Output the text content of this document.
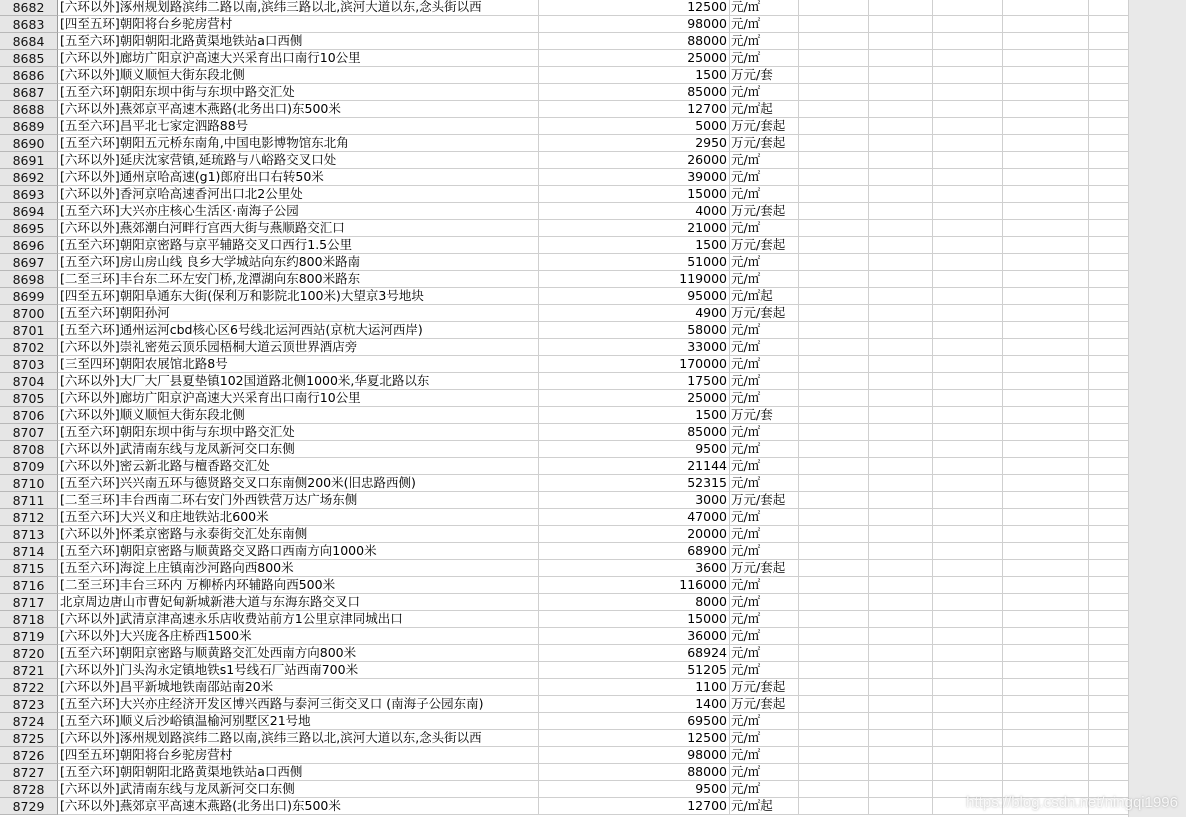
8682	[六环以外]涿州规划路滨纬二路以南,滨纬三路以北,滨河大道以东,念头街以西	12500 元/㎡
8683	[四至五环]朝阳将台乡驼房营村	98000 元/㎡
8684	[五至六环]朝阳朝阳北路黄渠地铁站a口西侧	88000 元/㎡
8685	[六环以外]廊坊广阳京沪高速大兴采育出口南行10公里	25000 元/㎡
8686	[六环以外]顺义顺恒大街东段北侧	1500 万元/套
8687	[五至六环]朝阳东坝中街与东坝中路交汇处	85000 元/㎡
8688	[六环以外]燕郊京平高速木燕路(北务出口)东500米	12700 元/㎡起
8689	[五至六环]昌平北七家定泗路88号	5000 万元/套起
8690	[五至六环]朝阳五元桥东南角,中国电影博物馆东北角	2950 万元/套起
8691	[六环以外]延庆沈家营镇,延琉路与八峪路交叉口处	26000 元/㎡
8692	[六环以外]通州京哈高速(g1)郎府出口右转50米	39000 元/㎡
8693	[六环以外]香河京哈高速香河出口北2公里处	15000 元/㎡
8694	[五至六环]大兴亦庄核心生活区·南海子公园	4000 万元/套起
8695	[六环以外]燕郊潮白河畔行宫西大街与燕顺路交汇口	21000 元/㎡
8696	[五至六环]朝阳京密路与京平辅路交叉口西行1.5公里	1500 万元/套起
8697	[五至六环]房山房山线 良乡大学城站向东约800米路南	51000 元/㎡
8698	[二至三环]丰台东二环左安门桥,龙潭湖向东800米路东	119000 元/㎡
8699	[四至五环]朝阳阜通东大街(保利万和影院北100米)大望京3号地块	95000 元/㎡起
8700	[五至六环]朝阳孙河	4900 万元/套起
8701	[五至六环]通州运河cbd核心区6号线北运河西站(京杭大运河西岸)	58000 元/㎡
8702	[六环以外]崇礼密苑云顶乐园梧桐大道云顶世界酒店旁	33000 元/㎡
8703	[三至四环]朝阳农展馆北路8号	170000 元/㎡
8704	[六环以外]大厂大厂县夏垫镇102国道路北侧1000米,华夏北路以东	17500 元/㎡
8705	[六环以外]廊坊广阳京沪高速大兴采育出口南行10公里	25000 元/㎡
8706	[六环以外]顺义顺恒大街东段北侧	1500 万元/套
8707	[五至六环]朝阳东坝中街与东坝中路交汇处	85000 元/㎡
8708	[六环以外]武清南东线与龙凤新河交口东侧	9500 元/㎡
8709	[六环以外]密云新北路与檀香路交汇处	21144 元/㎡
8710	[五至六环]兴兴南五环与德贤路交叉口东南侧200米(旧忠路西侧)	52315 元/㎡
8711	[二至三环]丰台西南二环右安门外西铁营万达广场东侧	3000 万元/套起
8712	[五至六环]大兴义和庄地铁站北600米	47000 元/㎡
8713	[六环以外]怀柔京密路与永泰街交汇处东南侧	20000 元/㎡
8714	[五至六环]朝阳京密路与顺黄路交叉路口西南方向1000米	68900 元/㎡
8715	[五至六环]海淀上庄镇南沙河路向西800米	3600 万元/套起
8716	[二至三环]丰台三环内 万柳桥内环辅路向西500米	116000 元/㎡
8717	北京周边唐山市曹妃甸新城新港大道与东海东路交叉口	8000 元/㎡
8718	[六环以外]武清京津高速永乐店收费站前方1公里京津同城出口	15000 元/㎡
8719	[六环以外]大兴庞各庄桥西1500米	36000 元/㎡
8720	[五至六环]朝阳京密路与顺黄路交汇处西南方向800米	68924 元/㎡
8721	[六环以外]门头沟永定镇地铁s1号线石厂站西南700米	51205 元/㎡
8722	[六环以外]昌平新城地铁南邵站南20米	1100 万元/套起
8723	[五至六环]大兴亦庄经济开发区博兴西路与泰河三街交叉口 (南海子公园东南)	1400 万元/套起
8724	[五至六环]顺义后沙峪镇温榆河别墅区21号地	69500 元/㎡
8725	[六环以外]涿州规划路滨纬二路以南,滨纬三路以北,滨河大道以东,念头街以西	12500 元/㎡
8726	[四至五环]朝阳将台乡驼房营村	98000 元/㎡
8727	[五至六环]朝阳朝阳北路黄渠地铁站a口西侧	88000 元/㎡
8728	[六环以外]武清南东线与龙凤新河交口东侧	9500 元/㎡
8729	[六环以外]燕郊京平高速木燕路(北务出口)东500米	12700 元/㎡起	https://blog.csdn.net/ningqi1996
